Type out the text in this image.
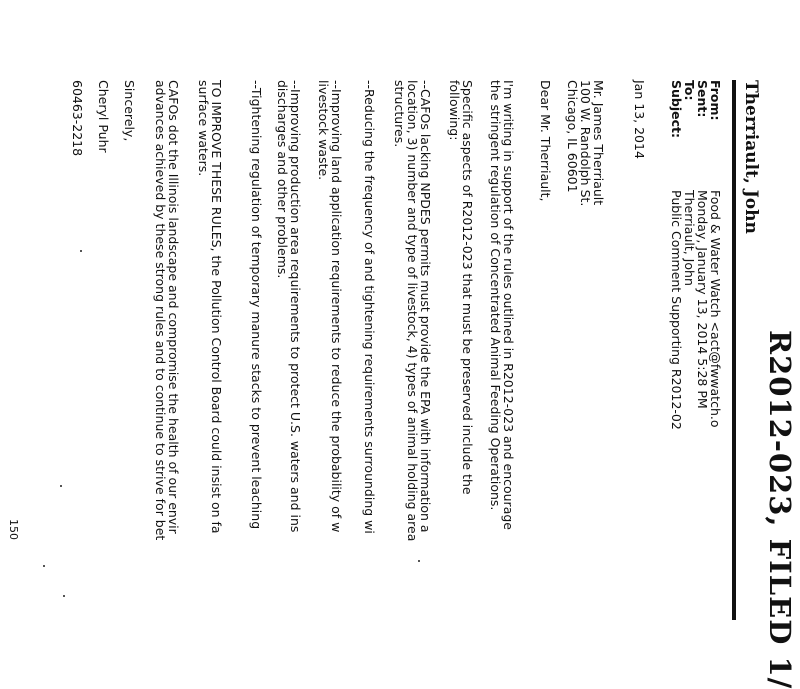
R2012-023, FILED 1/
Therriault, John
From:
Food & Water Watch <act@fwwatch.o
Sent:
Monday, January 13, 2014 5:28 PM
To:
Therriault, John
Subject:
Public Comment Supporting R2012-02
Jan 13, 2014
Mr. James Therriault
100 W. Randolph St.
Chicago, IL 60601
Dear Mr. Therriault,
I'm writing in support of the rules outlined in R2012-023 and encourage
the stringent regulation of Concentrated Animal Feeding Operations.
Specific aspects of R2012-023 that must be preserved include the
following:
--CAFOs lacking NPDES permits must provide the EPA with information a
location, 3) number and type of livestock, 4) types of animal holding area
structures.
--Reducing the frequency of and tightening requirements surrounding wi
--Improving land application requirements to reduce the probability of w
livestock waste.
--Improving production area requirements to protect U.S. waters and ins
discharges and other problems.
--Tightening regulation of temporary manure stacks to prevent leaching
TO IMPROVE THESE RULES, the Pollution Control Board could insist on fa
surface waters.
CAFOs dot the Illinois landscape and compromise the health of our envir
advances achieved by these strong rules and to continue to strive for bet
Sincerely,
Cheryl Puhr
60463-2218
150
